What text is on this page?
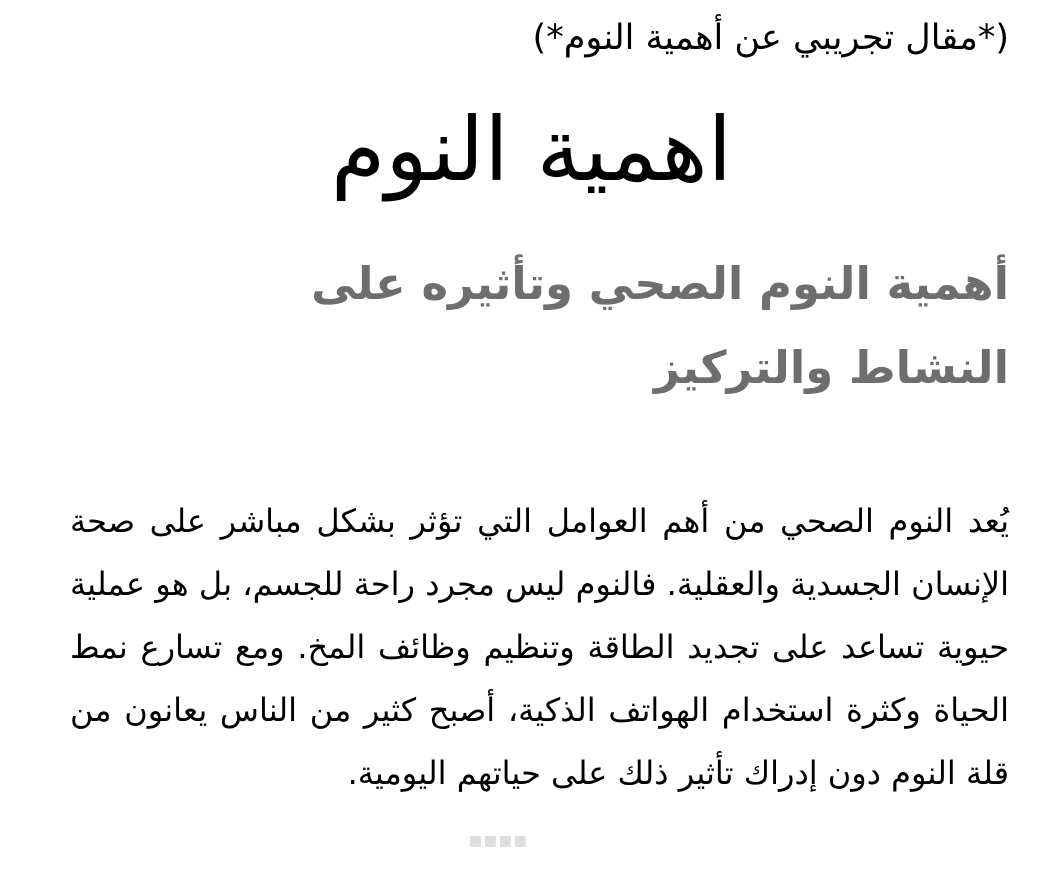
(*مقال تجريبي عن أهمية النوم*)
اهمية النوم
أهمية النوم الصحي وتأثيره على النشاط والتركيز

يُعد النوم الصحي من أهم العوامل التي تؤثر بشكل مباشر على صحة الإنسان الجسدية والعقلية. فالنوم ليس مجرد راحة للجسم، بل هو عملية حيوية تساعد على تجديد الطاقة وتنظيم وظائف المخ. ومع تسارع نمط الحياة وكثرة استخدام الهواتف الذكية، أصبح كثير من الناس يعانون من قلة النوم دون إدراك تأثير ذلك على حياتهم اليومية.

▪▪▪▪
